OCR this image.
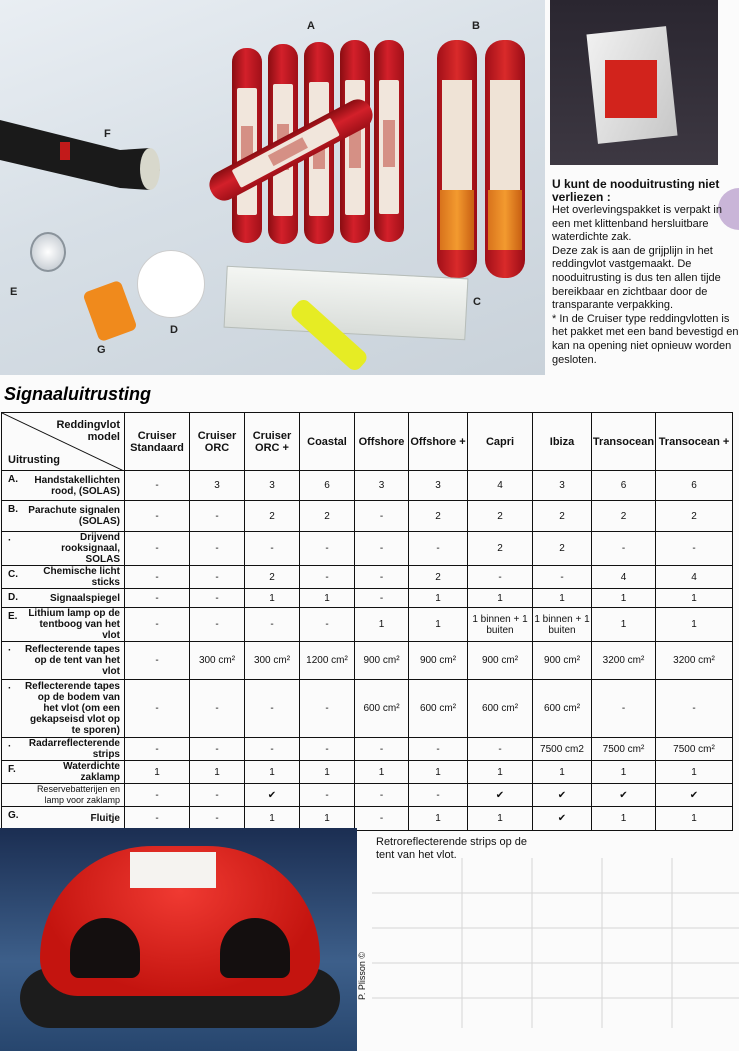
A	B
F
E
D
G
C
U kunt de nooduitrusting niet verliezen :
Het overlevingspakket is verpakt in
een met klittenband hersluitbare
waterdichte zak.
Deze zak is aan de grijplijn in het
reddingvlot vastgemaakt. De
nooduitrusting is dus ten allen tijde
bereikbaar en zichtbaar door de
transparante verpakking.
* In de Cruiser type reddingvlotten is
het pakket met een band bevestigd en
kan na opening niet opnieuw worden
gesloten.
Signaaluitrusting
Reddingvlot
model
Uitrusting	Cruiser Standaard	Cruiser ORC	Cruiser ORC +	Coastal	Offshore	Offshore +	Capri	Ibiza	Transocean	Transocean +

A. Handstakellichten rood, (SOLAS)	-	3	3	6	3	3	4	3	6	6

B. Parachute signalen (SOLAS)	-	-	2	2	-	2	2	2	2	2

· Drijvend rooksignaal, SOLAS	-	-	-	-	-	-	2	2	-	-

C. Chemische licht sticks	-	-	2	-	-	2	-	-	4	4

D. Signaalspiegel	-	-	1	1	-	1	1	1	1	1

E. Lithium lamp op de tentboog van het vlot	-	-	-	-	1	1	1 binnen + 1 buiten	1 binnen + 1 buiten	1	1

· Reflecterende tapes op de tent van het vlot	-	300 cm²	300 cm²	1200 cm²	900 cm²	900 cm²	900 cm²	900 cm²	3200 cm²	3200 cm²

· Reflecterende tapes op de bodem van het vlot (om een gekapseisd vlot op te sporen)	-	-	-	-	600 cm²	600 cm²	600 cm²	600 cm²	-	-

· Radarreflecterende strips	-	-	-	-	-	-	-	7500 cm2	7500 cm²	7500 cm²

F. Waterdichte zaklamp	1	1	1	1	1	1	1	1	1	1

Reservebatterijen en lamp voor zaklamp	-	-	✔	-	-	-	✔	✔	✔	✔

G. Fluitje	-	-	1	1	-	1	1	✔	1	1
P. Plisson ©
Retroreflecterende strips op de tent van het vlot.
